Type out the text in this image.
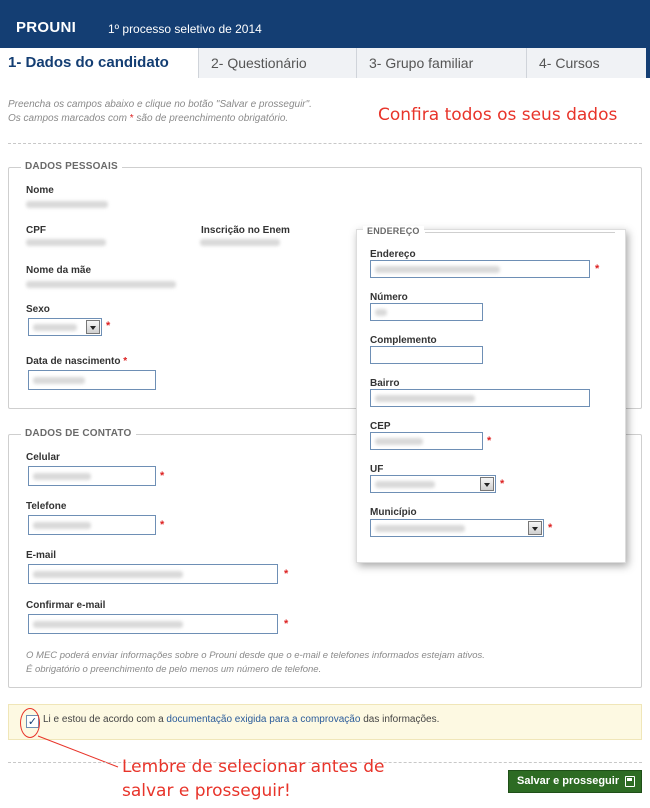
PROUNI	1º processo seletivo de 2014
1- Dados do candidato	2- Questionário	3- Grupo familiar	4- Cursos
Preencha os campos abaixo e clique no botão "Salvar e prosseguir".
Os campos marcados com * são de preenchimento obrigatório.	Confira todos os seus dados
DADOS PESSOAIS
Nome
CPF	Inscrição no Enem
Nome da mãe
Sexo
*
Data de nascimento *
DADOS DE CONTATO
Celular
*
Telefone
*
E-mail
*
Confirmar e-mail
*
O MEC poderá enviar informações sobre o Prouni desde que o e-mail e telefones informados estejam ativos.
É obrigatório o preenchimento de pelo menos um número de telefone.
ENDEREÇO
Endereço
*
Número
Complemento
Bairro
CEP
*
UF
*
Município
*
✓ Li e estou de acordo com a documentação exigida para a comprovação das informações.
Lembre de selecionar antes de
salvar e prosseguir!	Salvar e prosseguir
